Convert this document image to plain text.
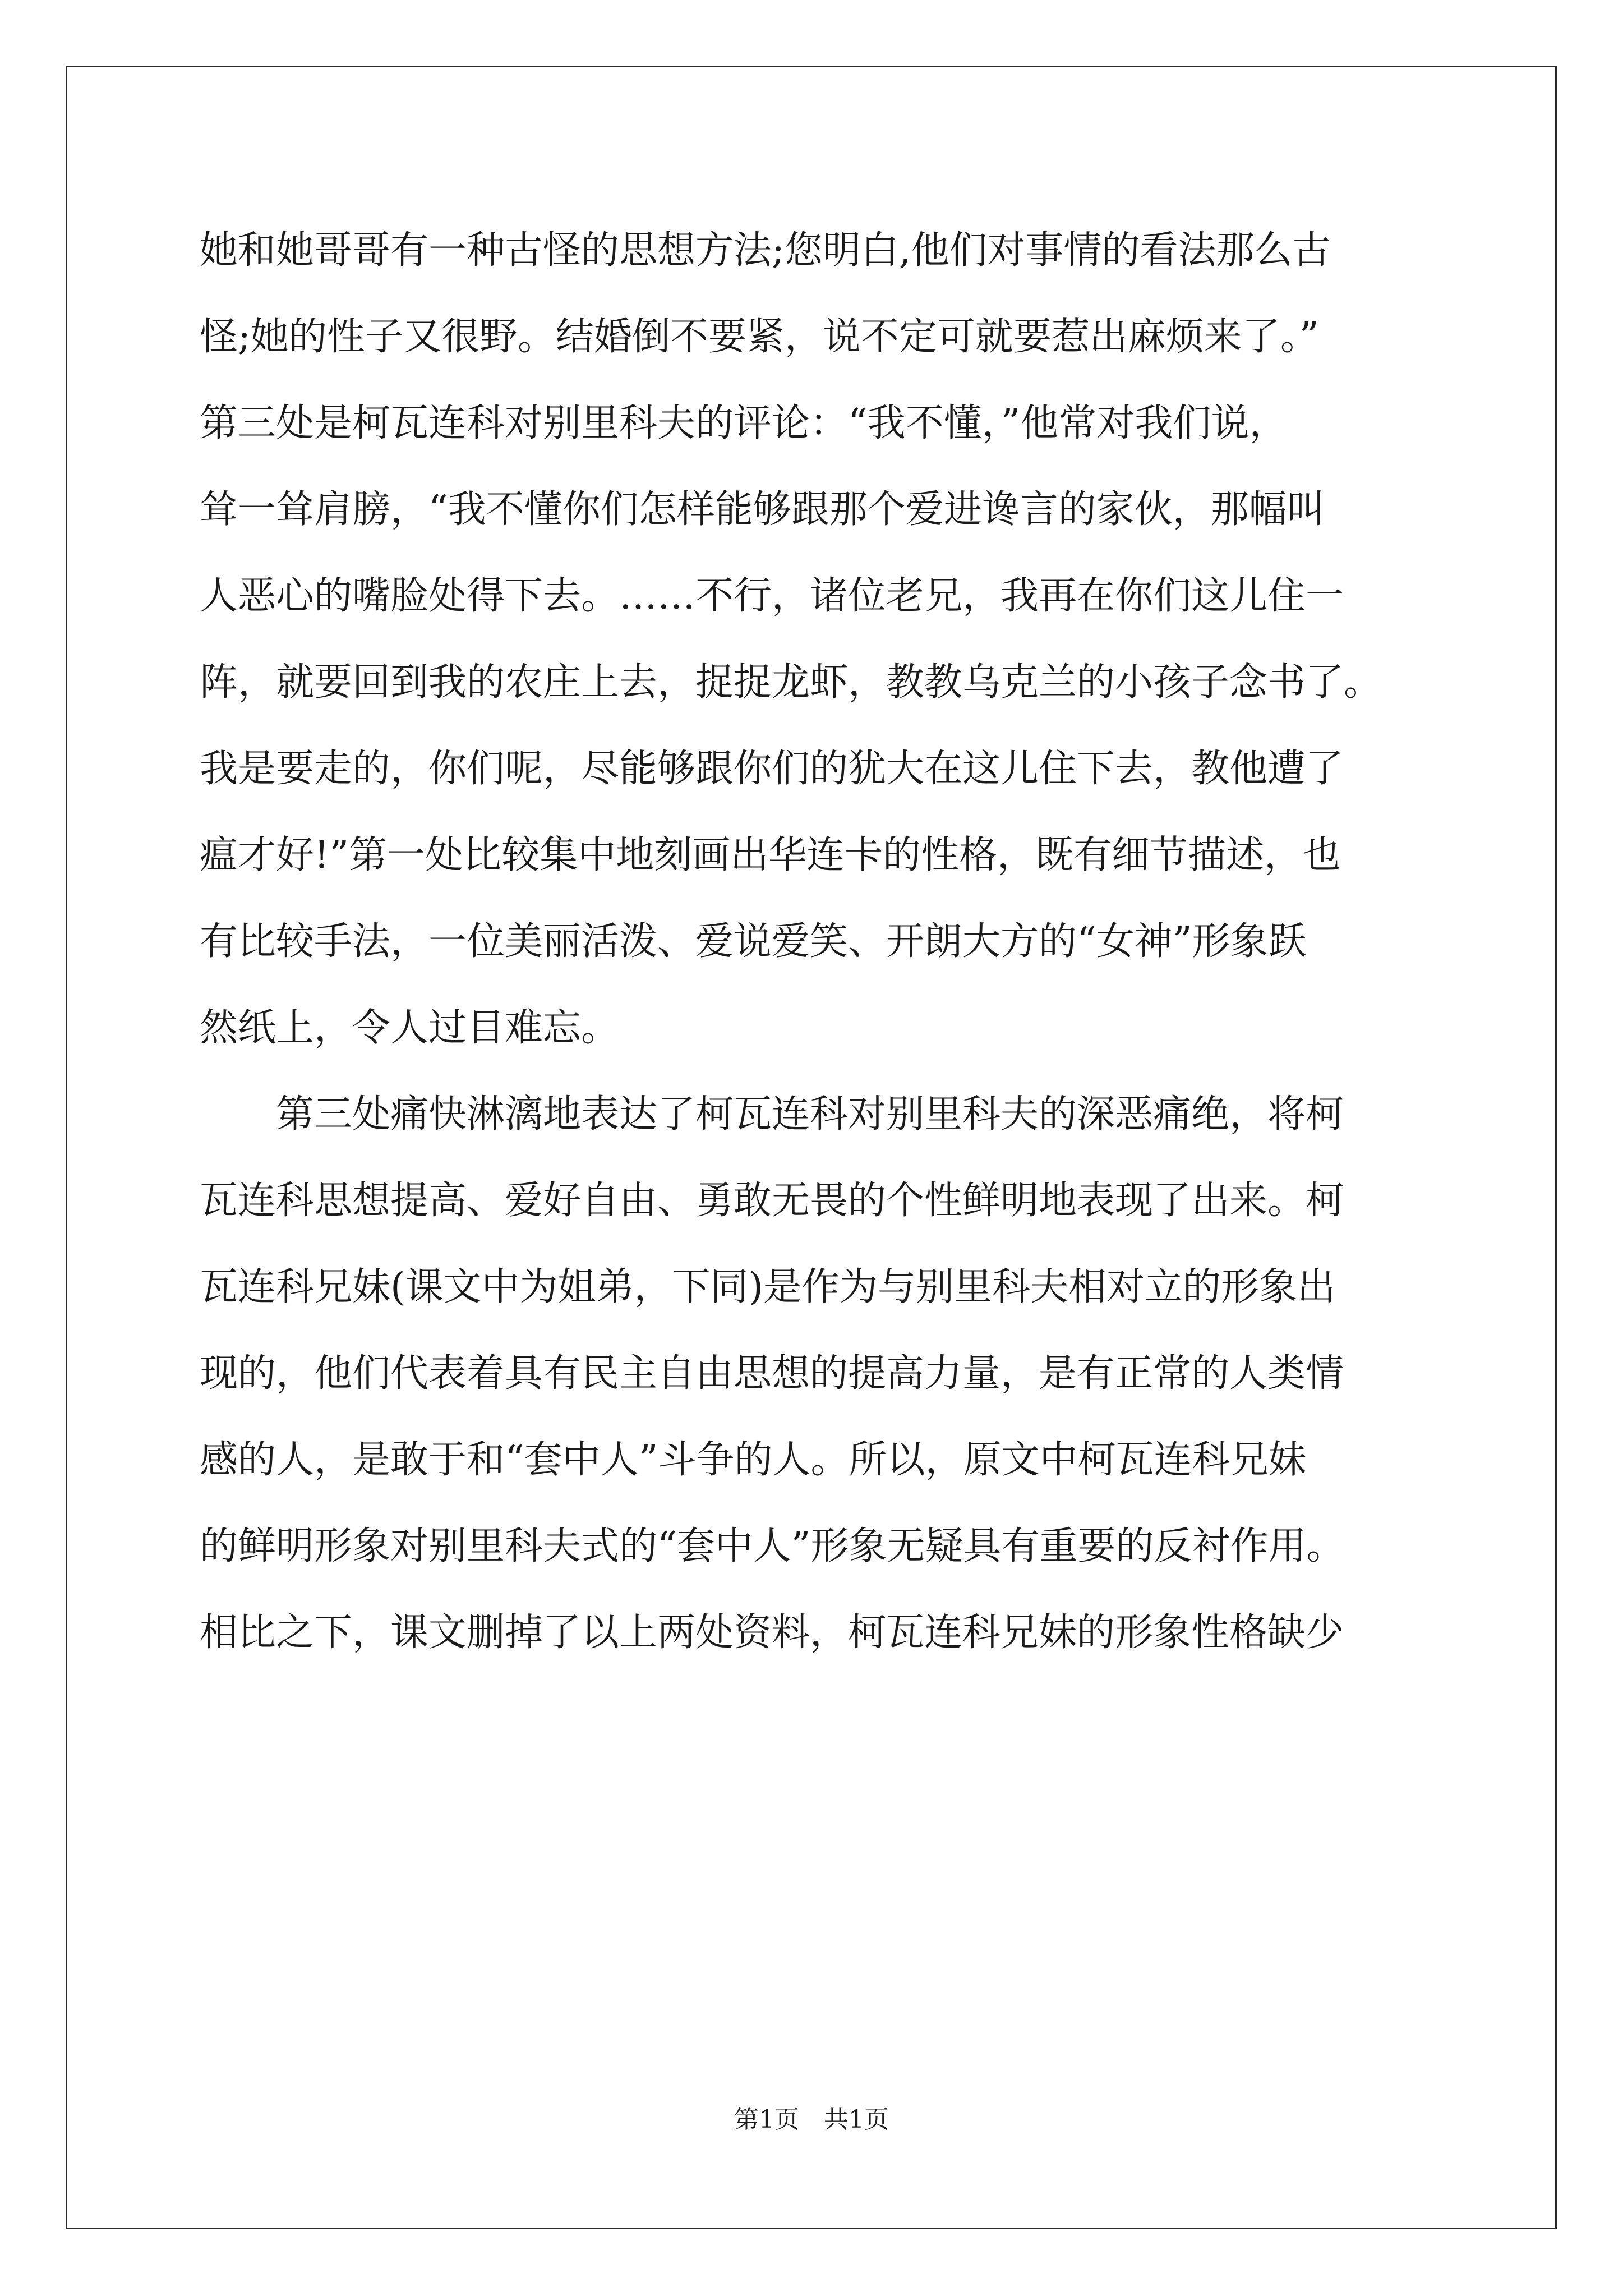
她和她哥哥有一种古怪的思想方法;您明白,他们对事情的看法那么古
怪;她的性子又很野。结婚倒不要紧，说不定可就要惹出麻烦来了。”
第三处是柯瓦连科对别里科夫的评论：“我不懂，”他常对我们说，
耸一耸肩膀，“我不懂你们怎样能够跟那个爱进谗言的家伙，那幅叫
人恶心的嘴脸处得下去。……不行，诸位老兄，我再在你们这儿住一
阵，就要回到我的农庄上去，捉捉龙虾，教教乌克兰的小孩子念书了。
我是要走的，你们呢，尽能够跟你们的犹大在这儿住下去，教他遭了
瘟才好!”第一处比较集中地刻画出华连卡的性格，既有细节描述，也
有比较手法，一位美丽活泼、爱说爱笑、开朗大方的“女神”形象跃
然纸上，令人过目难忘。
　　第三处痛快淋漓地表达了柯瓦连科对别里科夫的深恶痛绝，将柯
瓦连科思想提高、爱好自由、勇敢无畏的个性鲜明地表现了出来。柯
瓦连科兄妹(课文中为姐弟，下同)是作为与别里科夫相对立的形象出
现的，他们代表着具有民主自由思想的提高力量，是有正常的人类情
感的人，是敢于和“套中人”斗争的人。所以，原文中柯瓦连科兄妹
的鲜明形象对别里科夫式的“套中人”形象无疑具有重要的反衬作用。
相比之下，课文删掉了以上两处资料，柯瓦连科兄妹的形象性格缺少
第1页　共1页
